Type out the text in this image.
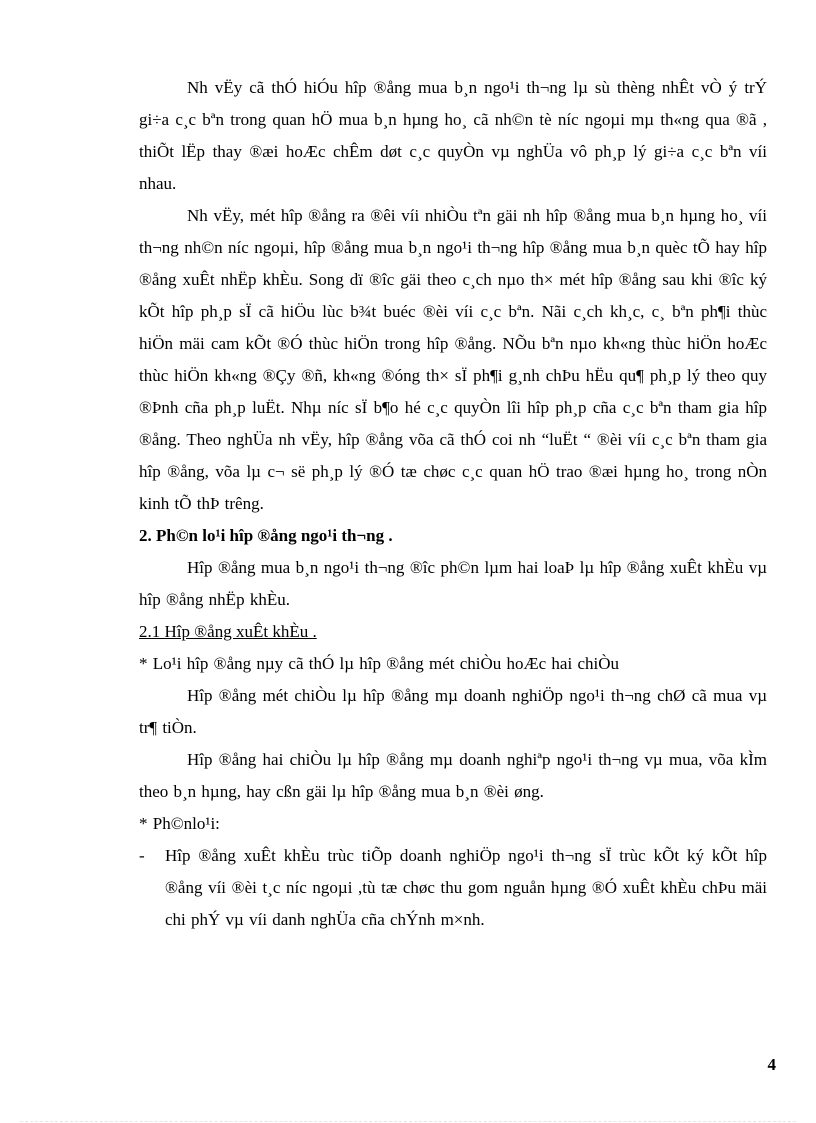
Nh vËy cã thÓ hiÓu hîp ®ång mua b¸n ngo¹i th¬ng lµ sù thèng nhÊt vÒ ý trÝ gi÷a c¸c bªn trong quan hÖ mua b¸n hµng ho¸ cã nh©n tè níc ngoµi mµ th«ng qua ®ã , thiÕt lËp thay ®æi hoÆc chÊm døt c¸c quyÒn vµ nghÜa vô ph¸p lý gi÷a c¸c bªn víi nhau.

Nh vËy, mét hîp ®ång ra ®êi víi nhiÒu tªn gäi nh hîp ®ång mua b¸n hµng ho¸ víi th¬ng nh©n níc ngoµi, hîp ®ång mua b¸n ngo¹i th¬ng hîp ®ång mua b¸n quèc tÕ hay hîp ®ång xuÊt nhËp khÈu. Song dï ®îc gäi theo c¸ch nµo th× mét hîp ®ång sau khi ®îc ký kÕt hîp ph¸p sÏ cã hiÖu lùc b¾t buéc ®èi víi c¸c bªn. Nãi c¸ch kh¸c, c¸ bªn ph¶i thùc hiÖn mäi cam kÕt ®Ó thùc hiÖn trong hîp ®ång. NÕu bªn nµo kh«ng thùc hiÖn hoÆc thùc hiÖn kh«ng ®Çy ®ñ, kh«ng ®óng th× sÏ ph¶i g¸nh chÞu hËu qu¶ ph¸p lý theo quy ®Þnh cña ph¸p luËt. Nhµ níc sÏ b¶o hé c¸c quyÒn lîi hîp ph¸p cña c¸c bªn tham gia hîp ®ång. Theo nghÜa nh vËy, hîp ®ång võa cã thÓ coi nh “luËt “ ®èi víi c¸c bªn tham gia hîp ®ång, võa lµ c¬ së ph¸p lý ®Ó tæ chøc c¸c quan hÖ trao ®æi hµng ho¸ trong nÒn kinh tÕ thÞ trêng.

2. Ph©n lo¹i hîp ®ång ngo¹i th¬ng .

Hîp ®ång mua b¸n ngo¹i th¬ng ®îc ph©n lµm hai loaÞ lµ hîp ®ång xuÊt khÈu vµ hîp ®ång nhËp khÈu.

2.1 Hîp ®ång xuÊt khÈu .

* Lo¹i hîp ®ång nµy cã thÓ lµ hîp ®ång mét chiÒu hoÆc hai chiÒu

Hîp ®ång mét chiÒu lµ hîp ®ång mµ doanh nghiÖp ngo¹i th¬ng chØ cã mua vµ tr¶ tiÒn.

Hîp ®ång hai chiÒu lµ hîp ®ång mµ doanh nghiªp ngo¹i th¬ng vµ mua, võa kÌm theo b¸n hµng, hay cßn gäi lµ hîp ®ång mua b¸n ®èi øng.

* Ph©nlo¹i:

-	Hîp ®ång xuÊt khÈu trùc tiÕp doanh nghiÖp ngo¹i th¬ng sÏ trùc kÕt ký kÕt hîp ®ång víi ®èi t¸c níc ngoµi ,tù tæ chøc thu gom nguån hµng ®Ó xuÊt khÈu chÞu mäi chi phÝ vµ víi danh nghÜa cña chÝnh m×nh.

4
